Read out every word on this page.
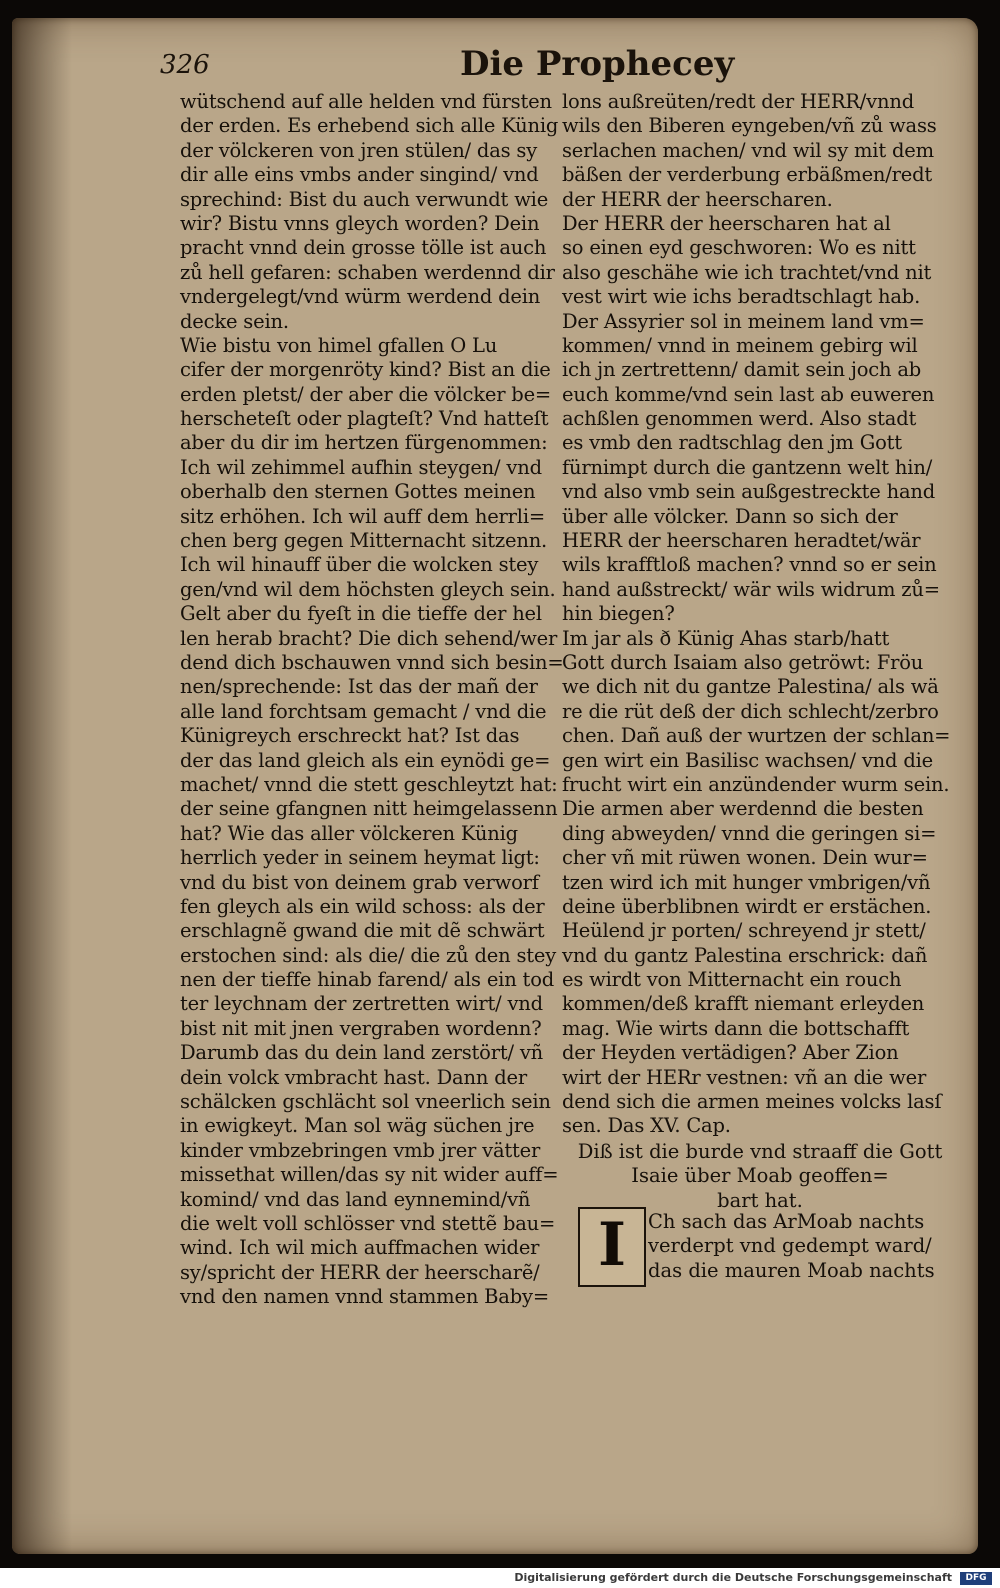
326	Die Prophecey
wütschend auf alle helden vnd fürsten
der erden. Es erhebend sich alle Künig
der völckeren von jren stülen/ das sy
dir alle eins vmbs ander singind/ vnd
sprechind: Bist du auch verwundt wie
wir? Bistu vnns gleych worden? Dein
pracht vnnd dein grosse tölle ist auch
zů hell gefaren: schaben werdennd dir
vndergelegt/vnd würm werdend dein
decke sein.
Wie bistu von himel gfallen O Lu
cifer der morgenröty kind? Bist an die
erden pletst/ der aber die völcker be=
herscheteſt oder plagteſt? Vnd hatteſt
aber du dir im hertzen fürgenommen:
Ich wil zehimmel aufhin steygen/ vnd
oberhalb den sternen Gottes meinen
sitz erhöhen. Ich wil auff dem herrli=
chen berg gegen Mitternacht sitzenn.
Ich wil hinauff über die wolcken stey
gen/vnd wil dem höchsten gleych sein.
Gelt aber du fyeſt in die tieffe der hel
len herab bracht? Die dich sehend/wer
dend dich bschauwen vnnd sich besin=
nen/sprechende: Ist das der mañ der
alle land forchtsam gemacht / vnd die
Künigreych erschreckt hat? Ist das
der das land gleich als ein eynödi ge=
machet/ vnnd die stett geschleytzt hat:
der seine gfangnen nitt heimgelassenn
hat? Wie das aller völckeren Künig
herrlich yeder in seinem heymat ligt:
vnd du bist von deinem grab verworf
fen gleych als ein wild schoss: als der
erschlagnẽ gwand die mit dẽ schwärt
erstochen sind: als die/ die zů den stey
nen der tieffe hinab farend/ als ein tod
ter leychnam der zertretten wirt/ vnd
bist nit mit jnen vergraben wordenn?
Darumb das du dein land zerstört/ vñ
dein volck vmbracht hast. Dann der
schälcken gschlächt sol vneerlich sein
in ewigkeyt. Man sol wäg süchen jre
kinder vmbzebringen vmb jrer vätter
missethat willen/das sy nit wider auff=
komind/ vnd das land eynnemind/vñ
die welt voll schlösser vnd stettẽ bau=
wind. Ich wil mich auffmachen wider
sy/spricht der HERR der heerscharẽ/
vnd den namen vnnd stammen Baby=
lons außreüten/redt der HERR/vnnd
wils den Biberen eyngeben/vñ zů wass
serlachen machen/ vnd wil sy mit dem
bäßen der verderbung erbäßmen/redt
der HERR der heerscharen.
Der HERR der heerscharen hat al
so einen eyd geschworen: Wo es nitt
also geschähe wie ich trachtet/vnd nit
vest wirt wie ichs beradtschlagt hab.
Der Assyrier sol in meinem land vm=
kommen/ vnnd in meinem gebirg wil
ich jn zertrettenn/ damit sein joch ab
euch komme/vnd sein last ab euweren
achßlen genommen werd. Also stadt
es vmb den radtschlag den jm Gott
fürnimpt durch die gantzenn welt hin/
vnd also vmb sein außgestreckte hand
über alle völcker. Dann so sich der
HERR der heerscharen heradtet/wär
wils krafftloß machen? vnnd so er sein
hand außstreckt/ wär wils widrum zů=
hin biegen?
Im jar als ð Künig Ahas starb/hatt
Gott durch Isaiam also getröwt: Fröu
we dich nit du gantze Palestina/ als wä
re die rüt deß der dich schlecht/zerbro
chen. Dañ auß der wurtzen der schlan=
gen wirt ein Basilisc wachsen/ vnd die
frucht wirt ein anzündender wurm sein.
Die armen aber werdennd die besten
ding abweyden/ vnnd die geringen si=
cher vñ mit rüwen wonen. Dein wur=
tzen wird ich mit hunger vmbrigen/vñ
deine überblibnen wirdt er erstächen.
Heülend jr porten/ schreyend jr stett/
vnd du gantz Palestina erschrick: dañ
es wirdt von Mitternacht ein rouch
kommen/deß krafft niemant erleyden
mag. Wie wirts dann die bottschafft
der Heyden vertädigen? Aber Zion
wirt der HERr vestnen: vñ an die wer
dend sich die armen meines volcks lasſ
sen. Das XV. Cap.
Diß ist die burde vnd straaff die Gott
Isaie über Moab geoffen=
bart hat.
I	Ch sach das ArMoab nachts
verderpt vnd gedempt ward/
das die mauren Moab nachts
Digitalisierung gefördert durch die Deutsche Forschungsgemeinschaft	DFG
